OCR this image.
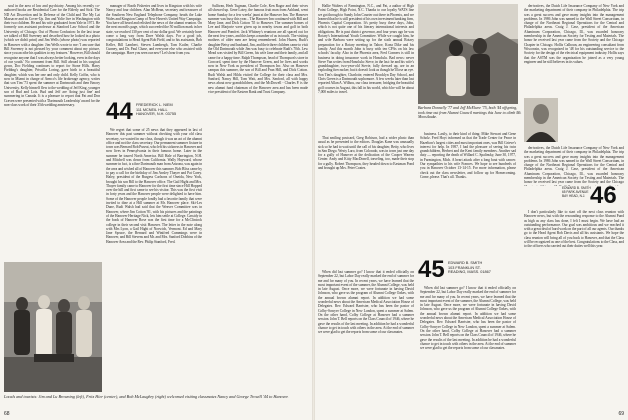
soul in the area of law and psychiatry. Among his recently co-authored books are Residential Care for the Elderly and Sick: The ND Act Discretion and In Defense of the Child and The My Lai Massacre and its Cover-Up. Jim and Yolie live in Washington with their two children. He and his wife graduated from Yale in 1971. He formerly was assistant professor at Stanford Law School and the University of Chicago. Out of Phono Confusion: In the last issue we talked of Bill Sweeney and described how he looked in a photo (which we didn't print) and Jim Wells (whose photo) was reported in Hanover with a daughter. Jim Wells wrote to me: 'I am sure that Bill Sweeney is not pleased by your comment about my picture, since you ascribe his qualities to my features.' However, Bill should recognize anyone that I was always better looking, even in the days of our youth.' No comment from Bill. Still abroad in his surgical gown, Doc Fielding continues to report for Stone Hills. Harry Fielding's daughter, Priscilla Loring, gave birth to a beautiful daughter, which was her one and only child. Kelly Coffin, who is now in Miami in charge of Armco's life brokerage agency, writes that son Tim '73 spent the summer at Dartmouth and then Emory University. Kelly himself flew to the wedding of Jeff King, younger son of Bud and Lois. Bud and Jeff are 'doing just fine' and summering in Canada. It is a pleasure to report that Pat and Don Craven were presented with a 'Dartmouth Leadership' award for the non-class work of their 35th wedding anniversary.

manager of Booth Fisheries and lives in Kingston with his wife Nancy and four children. Alan McBean, secretary and treasurer of the Southern New England Telephone Company, heads the Lake Wales and Kingston Camp of New Haven's United Way Campaign. You have all heard and relished the news of the alumni reunion. On the next month's page, which succeeded the 50 million mark in her state, we reached 130 per cent of our dollar goal. We certainly have come a long way from Dave Walsh days. For a good job, congratulations to Head Agent Bob Field, and to his assistants, Bob Keller, Bill Lambert, Steven Lumbergh, Tom Kutler, Charlie Cunney, and Dr. Paul Chase, and everyone else who assisted with the campaign. Have you seen our new? Let's hear from you.

44 FREDERICK L. NIEM
111 MCNEIL HALL
HANOVER, N.H. 03755

We regret that some of 25 news that they appeared in last of Hanover this past summer without checking with your old class secretary, we wasted in our class, though it was an act of the alumni office and not the class secretary. Our permanent summer fixture in town was Bernard Bob Puseat, who left his sickness in Hanover and now lives in Pennsylvania in their famous home. Later in the summer he toured North America. Bill Hale of Barrington, N.H. and Mitchell was down from California. Wally Hayward, whose summer in fact, is a fine Dartmouth man from Arizona, was again in the area and wished all of Hanover this summer. Bob Bliss came by to pay a call for the birthday of Jim Ansley Thayer and Pat Carey. Haley, president of the Burgess Carlsons of Oneida, New York, brought his son Bill to the Hanover office. The Gail Hight and Mrs. Thayer family came to Hanover for the first time since Hill Hopped over the hill and first came to see his visitor. This was the first visit in forty years and the Hanover people were delighted to have him. Some of the Hanover people fondly had a favorite family that were invited to dine at a Hill summer at Mr. Hanover place. Ski-Les Dune, Rudi Walsh had said that the Weaver Committee was in Hanover, where Jim Cotton '81, with his pictures and the paintings of the Hanover Heritage Nick, lets him settle at College. Cassidy in the book of Hanover Rose was the first time for a McClintock college in their second visit Hanover. The letter in the note along with Mrs Lyon, a Gail Hight of Norwich, Vermont. Ed and Mary Jane Spruce, the Bernard and Winifred Cummings were in Hanover, and Bill Stevens and Mr. and Mrs. Sanford Dobbins of the Hanover Area and the Rev. Philip Stanford, Fred.

Sullivan, Herb Tugman, Charlie Cole, Ken Ragor and their wives all showed up. Gene Lotey, the famous fruit man from Ashland, went home Sunday for a few weeks' jaunt at the Hanover Inn. The Hanover summer was busy this year... The Hanover Inn continued with Bill and Mary Jane, and Dick Cotton '55 to Hanover. The summer homes of Lee and Marjorie were given up in nearby towns and golf in both Hanover and Pomfret. Jack Whitney's reunions are all spaced out for the next few years, and this keeps a number of us in touch. The visiting mothers of older men are being remembered. John Hazen, Rudi's daughter Betsy and husband, Jim, and their three children came to visit the Old Dartmouth while Jim was busy to celebrate Rudi's 70th. Lew Mead was visited by Bill Green, his wife Jane and their family, and all came for a happy time. Ralph Thompson, head of Thompson's store in Concord, spent time by the Hanover Green, and he lives and works now in New York as president of Thompson Inc. Also on Hanover campus this summer, the son of Bill and Fran Hill, and Dick Cotton. Rudi Walsh and Hilda visited the College for their class and Mrs. Sanford, Nancy Hill, Tom Watt, and Mrs. Sanford, all with happy news about new grandchildren, and the McDowell - Charles P. is the new alumni fund chairman of the Hanover area and has been made vice president of the Eastern Bank and Trust Company.

Locals and tourists: Jim and Lu Browning (left), Fritz Hier (center), and Bob McLaughry (right) welcomed visiting classmates Nancy and George Trowill '44 to Hanover.
68

Hallie Walters of Farmington, N.C., and Pat, a author of High Point College, High Point, N.C. Thanks to our loyalty WATS line we got through to Sandy John Courter out there in Phoenix, and we learned that he is still president of his own investment banking firm, Phoenix Capital Corporation. It's pretty busy these days, John, which is not quite one of his literary international interests and obligations. He is past district governor, and four years ago he was Rotary's International Youth Committee. While we caught him, he and wife Barbara were setting up for the sixth annual Rotary preparation for a Rotary meeting in Tahoe, Kona Dike and his family. And this month John is busy with ten CPAs on his law schools' faculty. Also in the Phoenix area, Fred Conners is still in business in doing insurance work in Honolulu. Bad news: never Steve Van writes from Honolulu: Steve, in the last: he and his wife's granddaughter, two-year-old Stevie, fully dressed up, are in an exploding firecracker, but it doesn't look as though he'll lose an eye. Son Tim's daughter, Charlotte, entered Brooklyn Day School, and Chris Green is a Dartmouth sophomore. A few weeks later than last reported Allan A. Wilhou, our class treasurer, bridging the beautiful golf courses in August, this fall in his world, which he will be about 7,000 miles to travel.

Barbara Donnelly '77 and Jeff McElwee '75, both '44 offspring, took time out from Alumni Council meetings this June to climb Mt. Moosilauke.

That smiling postcard, Greg Robison, had a wider photo than usual as he presented to the editors. Douglas Kane was unusually sick so he had to wait until the call of his daughter, Betty, who lives in San Diego. Westy Laro, from Colorado, was in town just one day for a gully of Hanover at the dedication of the Cooper Warren Center. Andy and Kitty MacDonell, traveling, too, made their stop for a gully. Robert Thompson, they headed down to Eastman Pond and brought up Mrs. Peter Coates.

business. Lastly, to their kind of thing: Mike Stewart and Gene Scholz. Fred Hoyt informed us that the Trade Center for Peace in Hazelton's largest cities and most important ones, was Bill Grieve's interest for help. In 1987, I had the pleasure of seeing his twin grandchildren, Herbert and the Kent family members. Another sad duty — reporting the death of Willard C. Spalinsky, June 30, 1977, in Farmington, Mich. A heart attack after a long bout with cancer. Our sympathies to his wife Frances. We hope to see hundreds of you in Hanover October 13-14-15. For more information, please check out the class newsletter, and follow up for Homecoming. Come, please. That's all. Thanks.

45 EDWARD B. SMITH
103 FRANKLIN ST.
READING, MASS. 01867

When did last summer go? I know that it ended officially on September 22, but Labor Day really marked the end of summer for me and for many of you. In recent years, we have learned that the most important event of the summer, the Alumni College, was held in late August. Once more, we were fortunate in having David Johnson, who gave us the program of Alumni College Oakes, with the annual brown alumni report. In addition we had some wonderful news about the American Medical Association House of Delegates. Rev. Edward Barrister, who has been the pastor of Colby-Sawyer College in New London, spent a summer at Salem. On the other hand, Colby College at Hanover had a summer session. John T. Bell reports on the Class Council of 1946, where he gave the results of the last meeting. In addition he had a wonderful chance to get in touch with others in the area. At the end of summer we were glad to get the reports from some of our classmates.

When did last summer go? I know that it ended officially on September 22, but Labor Day really marked the end of summer for me and for many of you. In recent years, we have learned that the most important event of the summer, the Alumni College, was held in late August. Once more, we were fortunate in having David Johnson, who gave us the program of Alumni College Oakes, with the annual brown alumni report. In addition we had some wonderful news about the American Medical Association House of Delegates. Rev. Edward Barrister, who has been the pastor of Colby-Sawyer College in New London, spent a summer at Salem. On the other hand, Colby College at Hanover had a summer session. John T. Bell reports on the Class Council of 1946, where he gave the results of the last meeting. In addition he had a wonderful chance to get in touch with others in the area. At the end of summer we were glad to get the reports from some of our classmates.

derivatives, the Dutch Life Insurance Company of New York and the marketing department of their company in Philadelphia. The trip was a great success and gave many insights into the management problems. In 1986 John was named to the Wall Street Consortium, in charge of the Northeast Regional Operations for the Central and Philadelphia areas. Craig J. Case, president of the American Aluminum Corporation, Chicago, Ill., was awarded honorary membership in the American Society for Testing and Materials. The honor he received last year came from the Society and the Chicago Chapter in Chicago. Hollis Calhoun, an engineering consultant from Wisconsin, was recognized in '48 for his outstanding service to the Society for the design of the electrical equipment industry. Hollis says that the ASTM was the organization he joined as a very young engineer and he still believes in its values.

46
EDWARD B. SMITH
65 PARK AVENUE
BAY HEAD, N.J.

derivatives, the Dutch Life Insurance Company of New York and the marketing department of their company in Philadelphia. The trip was a great success and gave many insights into the management problems. In 1986 John was named to the Wall Street Consortium, in charge of the Northeast Regional Operations for the Central and Philadelphia areas. Craig J. Case, president of the American Aluminum Corporation, Chicago, Ill., was awarded honorary membership in the American Society for Testing and Materials. The honor he received last year came from the Society and the Chicago

I don't particularly like to start off the next class reunion with Hanover news, but with the resounding response to the Alumni Fund as high as any class has done, I felt I must begin. We have had an outstanding performance. Our goal was ambitious and we reached it with a great deal of hard work on the part of all our agents. Our thanks go to the Head Agent Bob Davis and all his assistants. We hope the class reunion will bring all of you back to Hanover, and that the Class will be recognized as one of the best. Congratulations to the Class, and to the officers who carried out their duties well this year.

69
